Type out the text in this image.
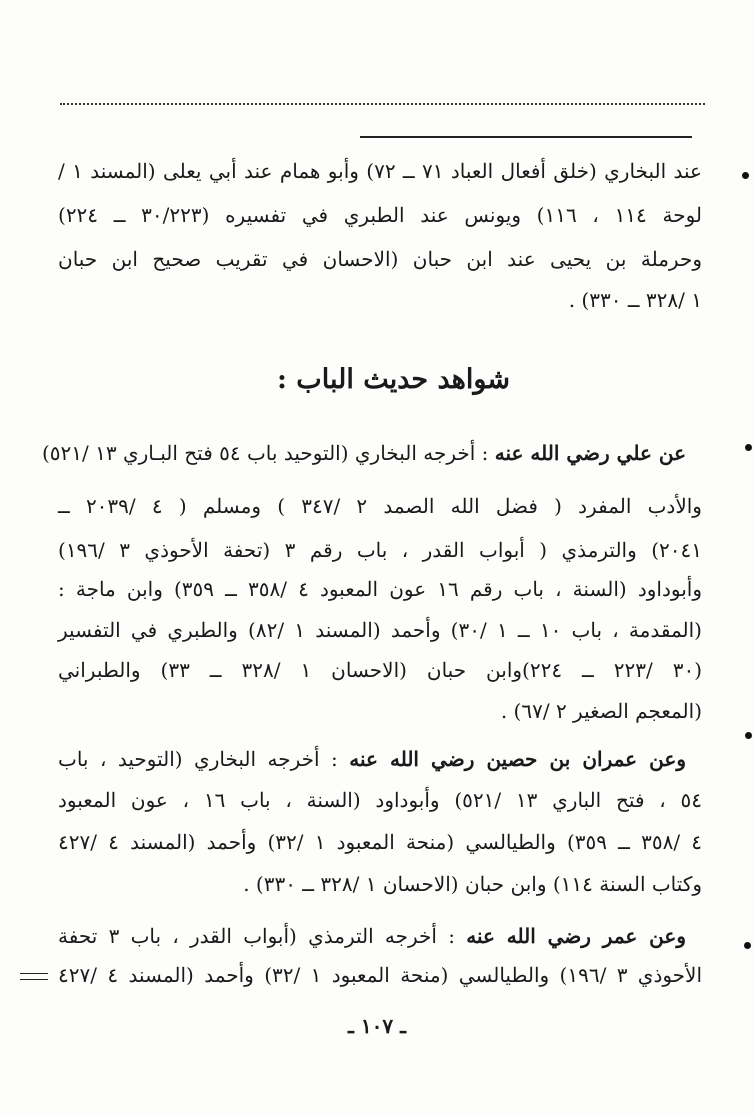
عند البخاري (خلق أفعال العباد ٧١ ــ ٧٢) وأبو همام عند أبي يعلى (المسند ١ /
لوحة ١١٤ ، ١١٦) ويونس عند الطبري في تفسيره (٣٠/٢٢٣ ــ ٢٢٤)
وحرملة بن يحيى عند ابن حبان (الاحسان في تقريب صحيح ابن حبان
١ /٣٢٨ ــ ٣٣٠) .
شواهد حديث الباب :
عن علي رضي الله عنه : أخرجه البخاري (التوحيد باب ٥٤ فتح البـاري ١٣ /٥٢١)
والأدب المفرد ( فضل الله الصمد ٢ /٣٤٧ ) ومسلم ( ٤ /٢٠٣٩ ــ
٢٠٤١) والترمذي ( أبواب القدر ، باب رقم ٣ (تحفة الأحوذي ٣ /١٩٦)
وأبوداود (السنة ، باب رقم ١٦ عون المعبود ٤ /٣٥٨ ــ ٣٥٩) وابن ماجة :
(المقدمة ، باب ١٠ ــ ١ /٣٠) وأحمد (المسند ١ /٨٢) والطبري في التفسير
(٣٠ /٢٢٣ ــ ٢٢٤)وابن حبان (الاحسان ١ /٣٢٨ ــ ٣٣) والطبراني
(المعجم الصغير ٢ /٦٧) .
وعن عمران بن حصين رضي الله عنه : أخرجه البخاري (التوحيد ، باب
٥٤ ، فتح الباري ١٣ /٥٢١) وأبوداود (السنة ، باب ١٦ ، عون المعبود
٤ /٣٥٨ ــ ٣٥٩) والطيالسي (منحة المعبود ١ /٣٢) وأحمد (المسند ٤ /٤٢٧
وكتاب السنة ١١٤) وابن حبان (الاحسان ١ /٣٢٨ ــ ٣٣٠) .
وعن عمر رضي الله عنه : أخرجه الترمذي (أبواب القدر ، باب ٣ تحفة
الأحوذي ٣ /١٩٦) والطيالسي (منحة المعبود ١ /٣٢) وأحمد (المسند ٤ /٤٢٧
ـ ١٠٧ ـ
